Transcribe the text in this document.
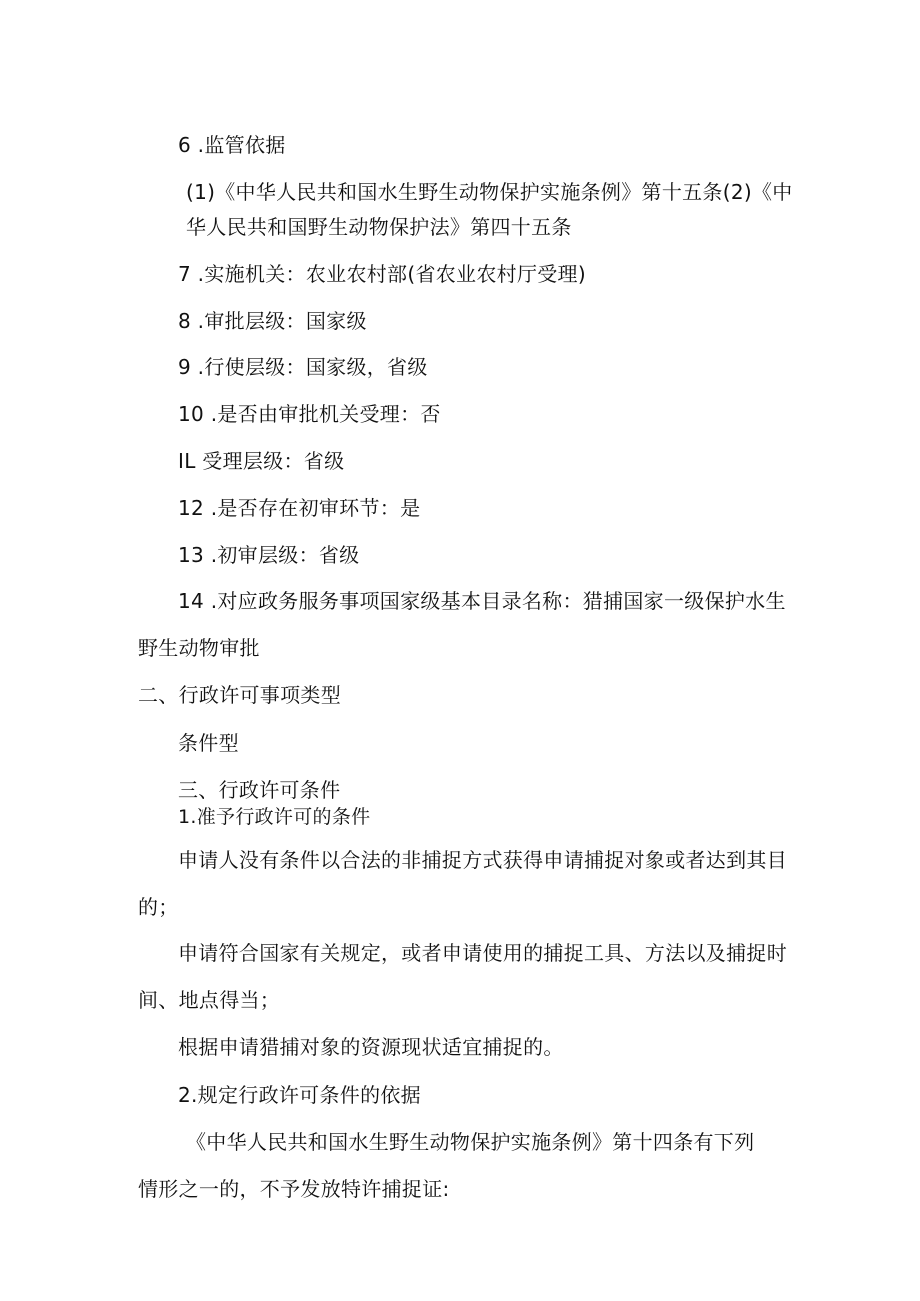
6 .监管依据
(1)《中华人民共和国水生野生动物保护实施条例》第十五条(2)《中
华人民共和国野生动物保护法》第四十五条
7 .实施机关：农业农村部(省农业农村厅受理)
8 .审批层级：国家级
9 .行使层级：国家级，省级
10 .是否由审批机关受理：否
IL 受理层级：省级
12 .是否存在初审环节：是
13 .初审层级：省级
14 .对应政务服务事项国家级基本目录名称：猎捕国家一级保护水生
野生动物审批
二、行政许可事项类型
条件型
三、行政许可条件
1.准予行政许可的条件
申请人没有条件以合法的非捕捉方式获得申请捕捉对象或者达到其目
的；
申请符合国家有关规定，或者申请使用的捕捉工具、方法以及捕捉时
间、地点得当；
根据申请猎捕对象的资源现状适宜捕捉的。
2.规定行政许可条件的依据
《中华人民共和国水生野生动物保护实施条例》第十四条有下列
情形之一的，不予发放特许捕捉证:
